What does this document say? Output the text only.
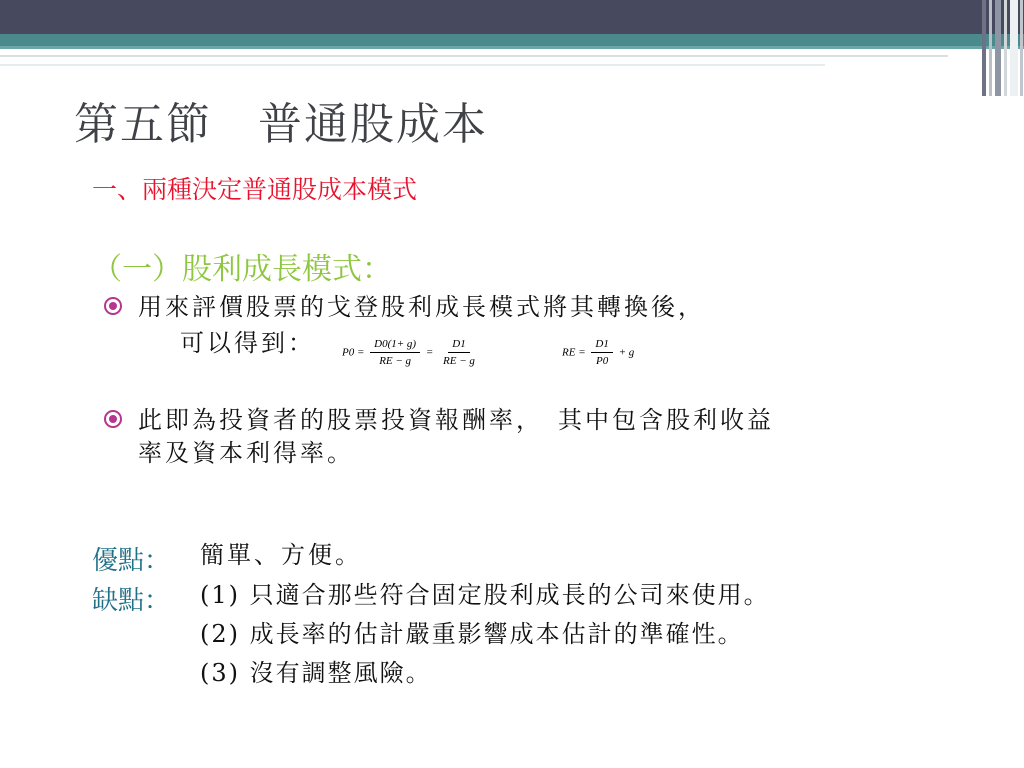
第五節　普通股成本
一、兩種決定普通股成本模式
（一）股利成長模式：
用來評價股票的戈登股利成長模式將其轉換後，
可以得到： $P0 = \frac{D0(1+ g)}{RE - g} = \frac{D1}{RE - g}$	RE = $\frac{D1}{P0} + g$
此即為投資者的股票投資報酬率，　其中包含股利收益
率及資本利得率。
優點： 簡單、方便。
缺點： (1) 只適合那些符合固定股利成長的公司來使用。
(2) 成長率的估計嚴重影響成本估計的準確性。
(3) 沒有調整風險。
